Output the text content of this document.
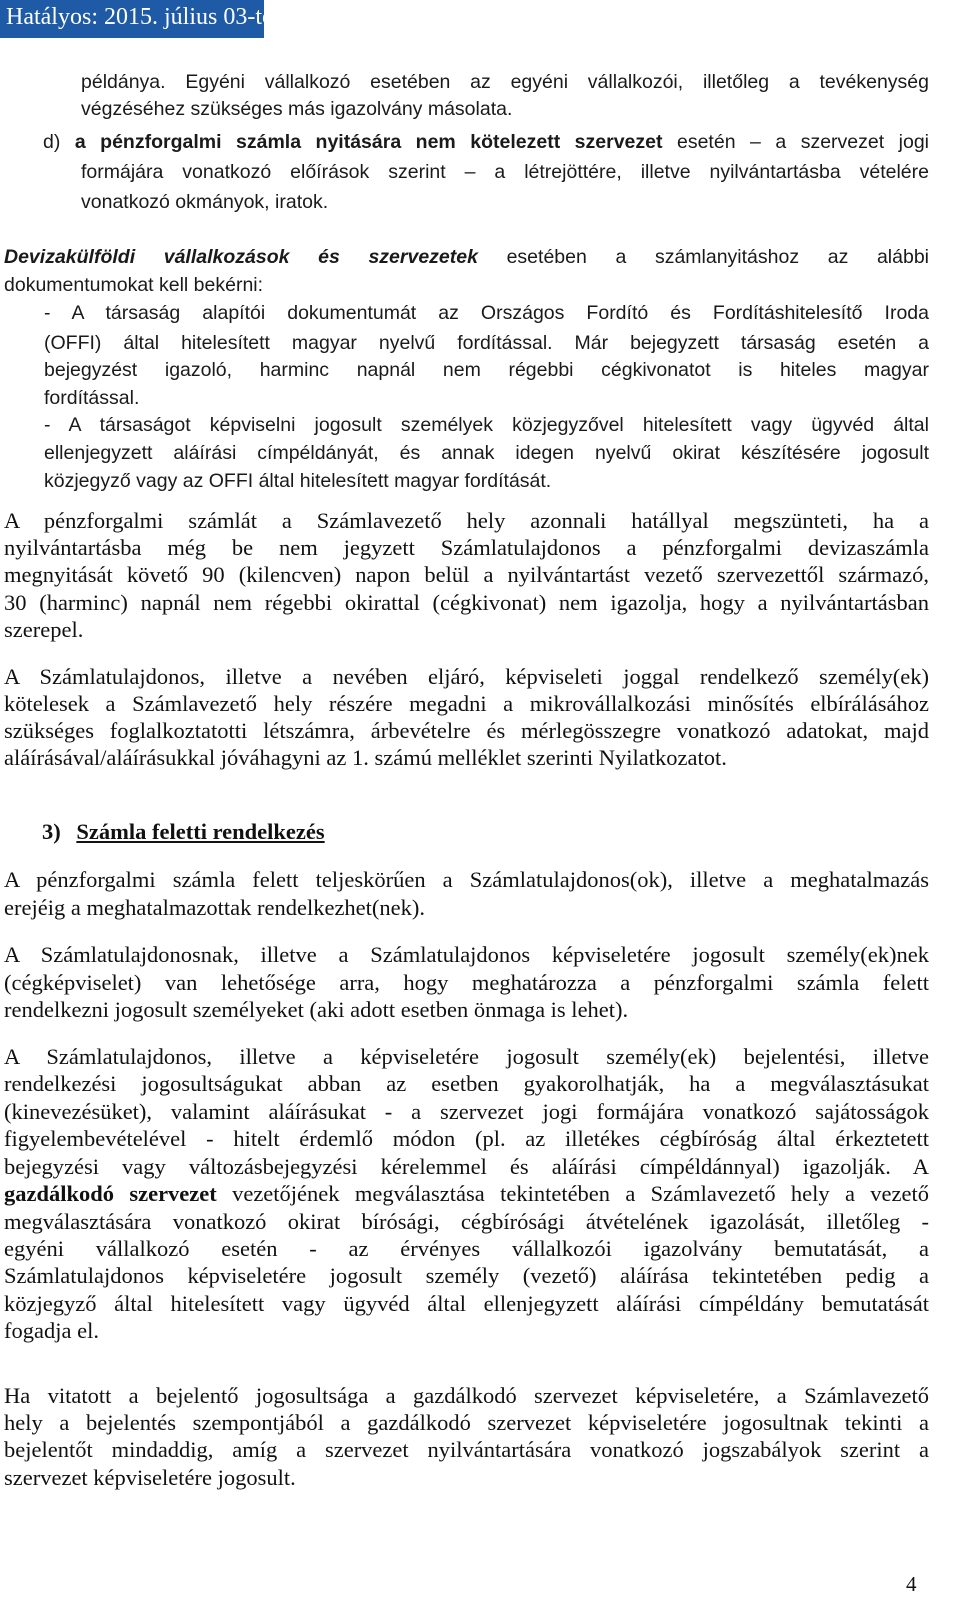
Hatályos: 2015. július 03-tól
példánya. Egyéni vállalkozó esetében az egyéni vállalkozói, illetőleg a tevékenység
végzéséhez szükséges más igazolvány másolata.
d) a pénzforgalmi számla nyitására nem kötelezett szervezet esetén – a szervezet jogi
formájára vonatkozó előírások szerint – a létrejöttére, illetve nyilvántartásba vételére
vonatkozó okmányok, iratok.
Devizakülföldi vállalkozások és szervezetek esetében a számlanyitáshoz az alábbi
dokumentumokat kell bekérni:
- A társaság alapítói dokumentumát az Országos Fordító és Fordításhitelesítő Iroda
(OFFI) által hitelesített magyar nyelvű fordítással. Már bejegyzett társaság esetén a
bejegyzést igazoló, harminc napnál nem régebbi cégkivonatot is hiteles magyar
fordítással.
- A társaságot képviselni jogosult személyek közjegyzővel hitelesített vagy ügyvéd által
ellenjegyzett aláírási címpéldányát, és annak idegen nyelvű okirat készítésére jogosult
közjegyző vagy az OFFI által hitelesített magyar fordítását.
A pénzforgalmi számlát a Számlavezető hely azonnali hatállyal megszünteti, ha a
nyilvántartásba még be nem jegyzett Számlatulajdonos a pénzforgalmi devizaszámla
megnyitását követő 90 (kilencven) napon belül a nyilvántartást vezető szervezettől származó,
30 (harminc) napnál nem régebbi okirattal (cégkivonat) nem igazolja, hogy a nyilvántartásban
szerepel.
A Számlatulajdonos, illetve a nevében eljáró, képviseleti joggal rendelkező személy(ek)
kötelesek a Számlavezető hely részére megadni a mikrovállalkozási minősítés elbírálásához
szükséges foglalkoztatotti létszámra, árbevételre és mérlegösszegre vonatkozó adatokat, majd
aláírásával/aláírásukkal jóváhagyni az 1. számú melléklet szerinti Nyilatkozatot.
3) Számla feletti rendelkezés
A pénzforgalmi számla felett teljeskörűen a Számlatulajdonos(ok), illetve a meghatalmazás
erejéig a meghatalmazottak rendelkezhet(nek).
A Számlatulajdonosnak, illetve a Számlatulajdonos képviseletére jogosult személy(ek)nek
(cégképviselet) van lehetősége arra, hogy meghatározza a pénzforgalmi számla felett
rendelkezni jogosult személyeket (aki adott esetben önmaga is lehet).
A Számlatulajdonos, illetve a képviseletére jogosult személy(ek) bejelentési, illetve
rendelkezési jogosultságukat abban az esetben gyakorolhatják, ha a megválasztásukat
(kinevezésüket), valamint aláírásukat - a szervezet jogi formájára vonatkozó sajátosságok
figyelembevételével - hitelt érdemlő módon (pl. az illetékes cégbíróság által érkeztetett
bejegyzési vagy változásbejegyzési kérelemmel és aláírási címpéldánnyal) igazolják. A
gazdálkodó szervezet vezetőjének megválasztása tekintetében a Számlavezető hely a vezető
megválasztására vonatkozó okirat bírósági, cégbírósági átvételének igazolását, illetőleg -
egyéni vállalkozó esetén - az érvényes vállalkozói igazolvány bemutatását, a
Számlatulajdonos képviseletére jogosult személy (vezető) aláírása tekintetében pedig a
közjegyző által hitelesített vagy ügyvéd által ellenjegyzett aláírási címpéldány bemutatását
fogadja el.
Ha vitatott a bejelentő jogosultsága a gazdálkodó szervezet képviseletére, a Számlavezető
hely a bejelentés szempontjából a gazdálkodó szervezet képviseletére jogosultnak tekinti a
bejelentőt mindaddig, amíg a szervezet nyilvántartására vonatkozó jogszabályok szerint a
szervezet képviseletére jogosult.
4
